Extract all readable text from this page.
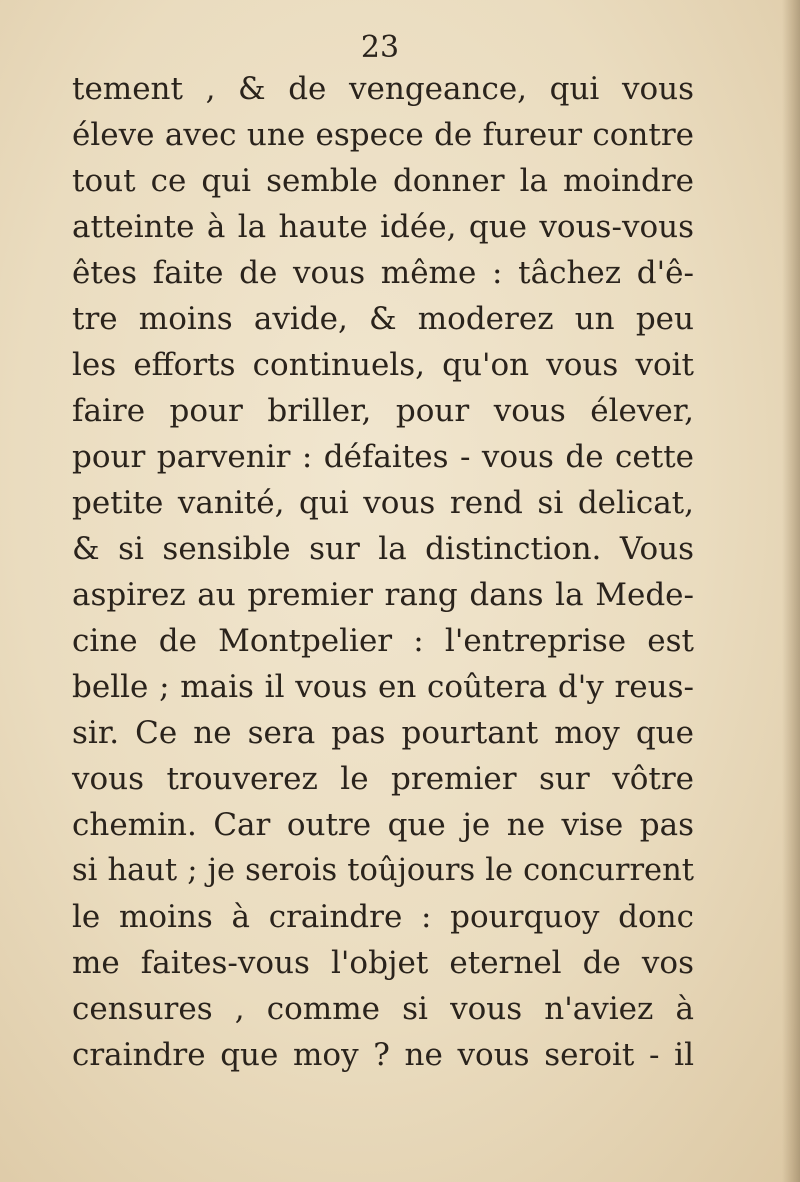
23
tement , & de vengeance, qui vous
éleve avec une espece de fureur contre
tout ce qui semble donner la moindre
atteinte à la haute idée, que vous-vous
êtes faite de vous même : tâchez d'ê-
tre moins avide, & moderez un peu
les efforts continuels, qu'on vous voit
faire pour briller, pour vous élever,
pour parvenir : défaites - vous de cette
petite vanité, qui vous rend si delicat,
& si sensible sur la distinction. Vous
aspirez au premier rang dans la Mede-
cine de Montpelier : l'entreprise est
belle ; mais il vous en coûtera d'y reus-
sir. Ce ne sera pas pourtant moy que
vous trouverez le premier sur vôtre
chemin. Car outre que je ne vise pas
si haut ; je serois toûjours le concurrent
le moins à craindre : pourquoy donc
me faites-vous l'objet eternel de vos
censures , comme si vous n'aviez à
craindre que moy ? ne vous seroit - il
